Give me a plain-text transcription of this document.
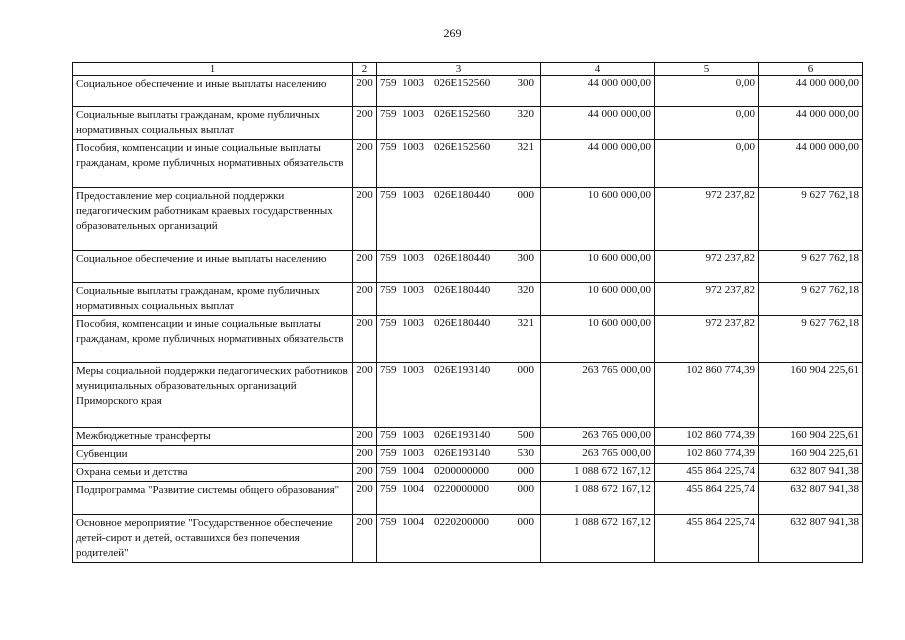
269
1	2	3	4	5	6
Социальное обеспечение и иные выплаты населению	200	759 1003 026E152560 300	44 000 000,00	0,00	44 000 000,00
Социальные выплаты гражданам, кроме публичных нормативных социальных выплат	200	759 1003 026E152560 320	44 000 000,00	0,00	44 000 000,00
Пособия, компенсации и иные социальные выплаты гражданам, кроме публичных нормативных обязательств	200	759 1003 026E152560 321	44 000 000,00	0,00	44 000 000,00
Предоставление мер социальной поддержки педагогическим работникам краевых государственных образовательных организаций	200	759 1003 026E180440 000	10 600 000,00	972 237,82	9 627 762,18
Социальное обеспечение и иные выплаты населению	200	759 1003 026E180440 300	10 600 000,00	972 237,82	9 627 762,18
Социальные выплаты гражданам, кроме публичных нормативных социальных выплат	200	759 1003 026E180440 320	10 600 000,00	972 237,82	9 627 762,18
Пособия, компенсации и иные социальные выплаты гражданам, кроме публичных нормативных обязательств	200	759 1003 026E180440 321	10 600 000,00	972 237,82	9 627 762,18
Меры социальной поддержки педагогических работников муниципальных образовательных организаций Приморского края	200	759 1003 026E193140 000	263 765 000,00	102 860 774,39	160 904 225,61
Межбюджетные трансферты	200	759 1003 026E193140 500	263 765 000,00	102 860 774,39	160 904 225,61
Субвенции	200	759 1003 026E193140 530	263 765 000,00	102 860 774,39	160 904 225,61
Охрана семьи и детства	200	759 1004 0200000000 000	1 088 672 167,12	455 864 225,74	632 807 941,38
Подпрограмма "Развитие системы общего образования"	200	759 1004 0220000000 000	1 088 672 167,12	455 864 225,74	632 807 941,38
Основное мероприятие "Государственное обеспечение детей-сирот и детей, оставшихся без попечения родителей"	200	759 1004 0220200000 000	1 088 672 167,12	455 864 225,74	632 807 941,38
